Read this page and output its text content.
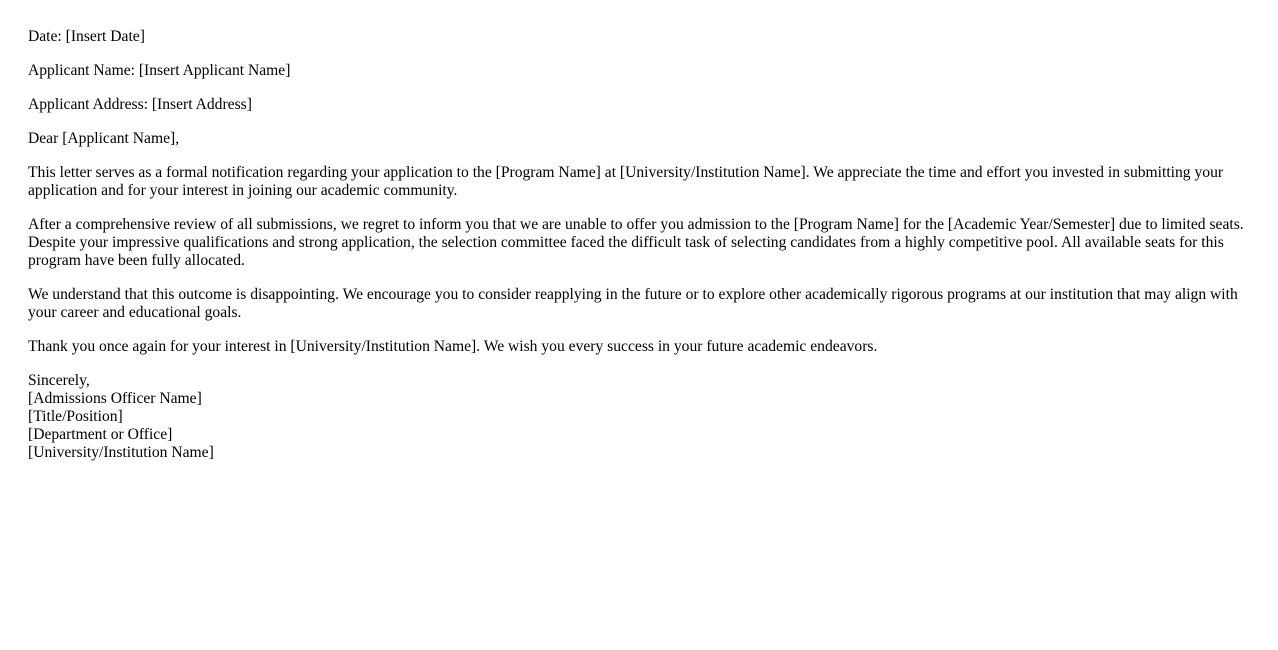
Date: [Insert Date]

Applicant Name: [Insert Applicant Name]

Applicant Address: [Insert Address]

Dear [Applicant Name],

This letter serves as a formal notification regarding your application to the [Program Name] at [University/Institution Name]. We appreciate the time and effort you invested in submitting your application and for your interest in joining our academic community.

After a comprehensive review of all submissions, we regret to inform you that we are unable to offer you admission to the [Program Name] for the [Academic Year/Semester] due to limited seats. Despite your impressive qualifications and strong application, the selection committee faced the difficult task of selecting candidates from a highly competitive pool. All available seats for this program have been fully allocated.

We understand that this outcome is disappointing. We encourage you to consider reapplying in the future or to explore other academically rigorous programs at our institution that may align with your career and educational goals.

Thank you once again for your interest in [University/Institution Name]. We wish you every success in your future academic endeavors.

Sincerely,

[Admissions Officer Name]

[Title/Position]

[Department or Office]

[University/Institution Name]
